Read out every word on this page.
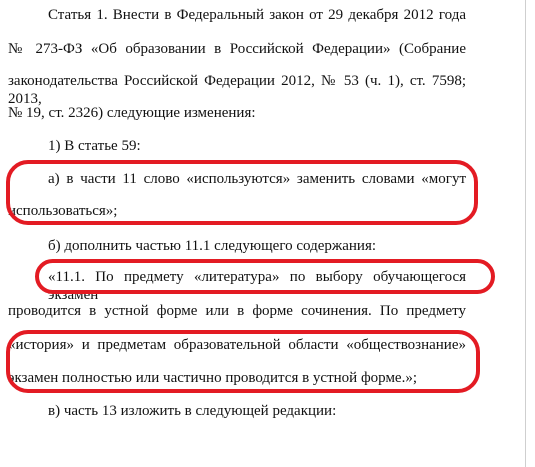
Статья 1. Внести в Федеральный закон от 29 декабря 2012 года
№ 273-ФЗ «Об образовании в Российской Федерации» (Собрание
законодательства Российской Федерации 2012, № 53 (ч. 1), ст. 7598; 2013,
№ 19, ст. 2326) следующие изменения:
1) В статье 59:
а) в части 11 слово «используются» заменить словами «могут
использоваться»;
б) дополнить частью 11.1 следующего содержания:
«11.1. По предмету «литература» по выбору обучающегося экзамен
проводится в устной форме или в форме сочинения. По предмету
«история» и предметам образовательной области «обществознание»
экзамен полностью или частично проводится в устной форме.»;
в) часть 13 изложить в следующей редакции:
